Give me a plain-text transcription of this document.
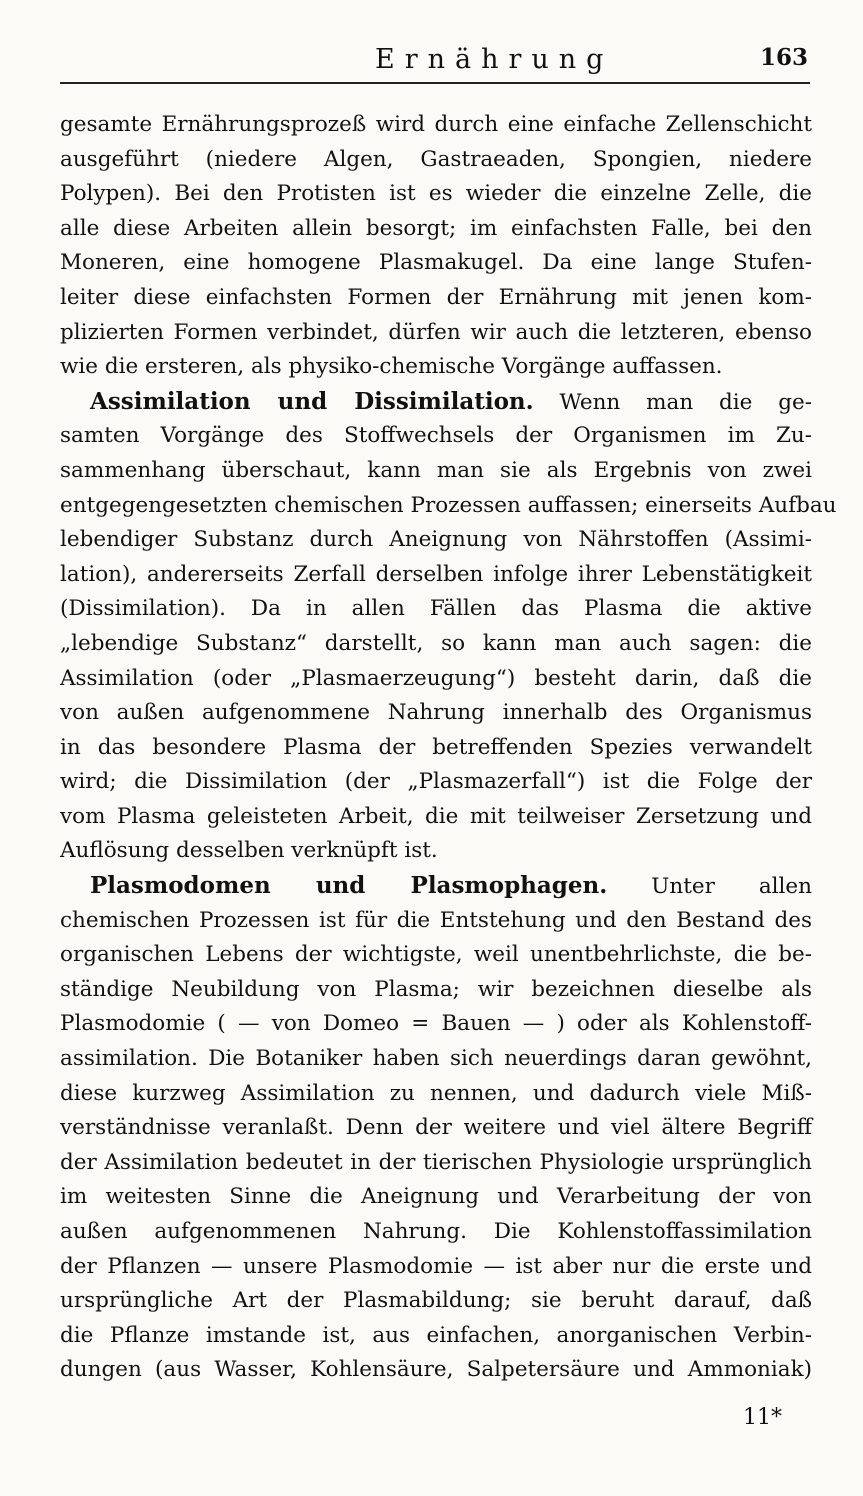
Ernährung	163
gesamte Ernährungsprozeß wird durch eine einfache Zellenschicht
ausgeführt (niedere Algen, Gastraeaden, Spongien, niedere
Polypen). Bei den Protisten ist es wieder die einzelne Zelle, die
alle diese Arbeiten allein besorgt; im einfachsten Falle, bei den
Moneren, eine homogene Plasmakugel. Da eine lange Stufen-
leiter diese einfachsten Formen der Ernährung mit jenen kom-
plizierten Formen verbindet, dürfen wir auch die letzteren, ebenso
wie die ersteren, als physiko-chemische Vorgänge auffassen.
Assimilation und Dissimilation. Wenn man die ge-
samten Vorgänge des Stoffwechsels der Organismen im Zu-
sammenhang überschaut, kann man sie als Ergebnis von zwei
entgegengesetzten chemischen Prozessen auffassen; einerseits Aufbau
lebendiger Substanz durch Aneignung von Nährstoffen (Assimi-
lation), andererseits Zerfall derselben infolge ihrer Lebenstätigkeit
(Dissimilation). Da in allen Fällen das Plasma die aktive
„lebendige Substanz“ darstellt, so kann man auch sagen: die
Assimilation (oder „Plasmaerzeugung“) besteht darin, daß die
von außen aufgenommene Nahrung innerhalb des Organismus
in das besondere Plasma der betreffenden Spezies verwandelt
wird; die Dissimilation (der „Plasmazerfall“) ist die Folge der
vom Plasma geleisteten Arbeit, die mit teilweiser Zersetzung und
Auflösung desselben verknüpft ist.
Plasmodomen und Plasmophagen. Unter allen
chemischen Prozessen ist für die Entstehung und den Bestand des
organischen Lebens der wichtigste, weil unentbehrlichste, die be-
ständige Neubildung von Plasma; wir bezeichnen dieselbe als
Plasmodomie ( — von Domeo = Bauen — ) oder als Kohlenstoff-
assimilation. Die Botaniker haben sich neuerdings daran gewöhnt,
diese kurzweg Assimilation zu nennen, und dadurch viele Miß-
verständnisse veranlaßt. Denn der weitere und viel ältere Begriff
der Assimilation bedeutet in der tierischen Physiologie ursprünglich
im weitesten Sinne die Aneignung und Verarbeitung der von
außen aufgenommenen Nahrung. Die Kohlenstoffassimilation
der Pflanzen — unsere Plasmodomie — ist aber nur die erste und
ursprüngliche Art der Plasmabildung; sie beruht darauf, daß
die Pflanze imstande ist, aus einfachen, anorganischen Verbin-
dungen (aus Wasser, Kohlensäure, Salpetersäure und Ammoniak)
11*
